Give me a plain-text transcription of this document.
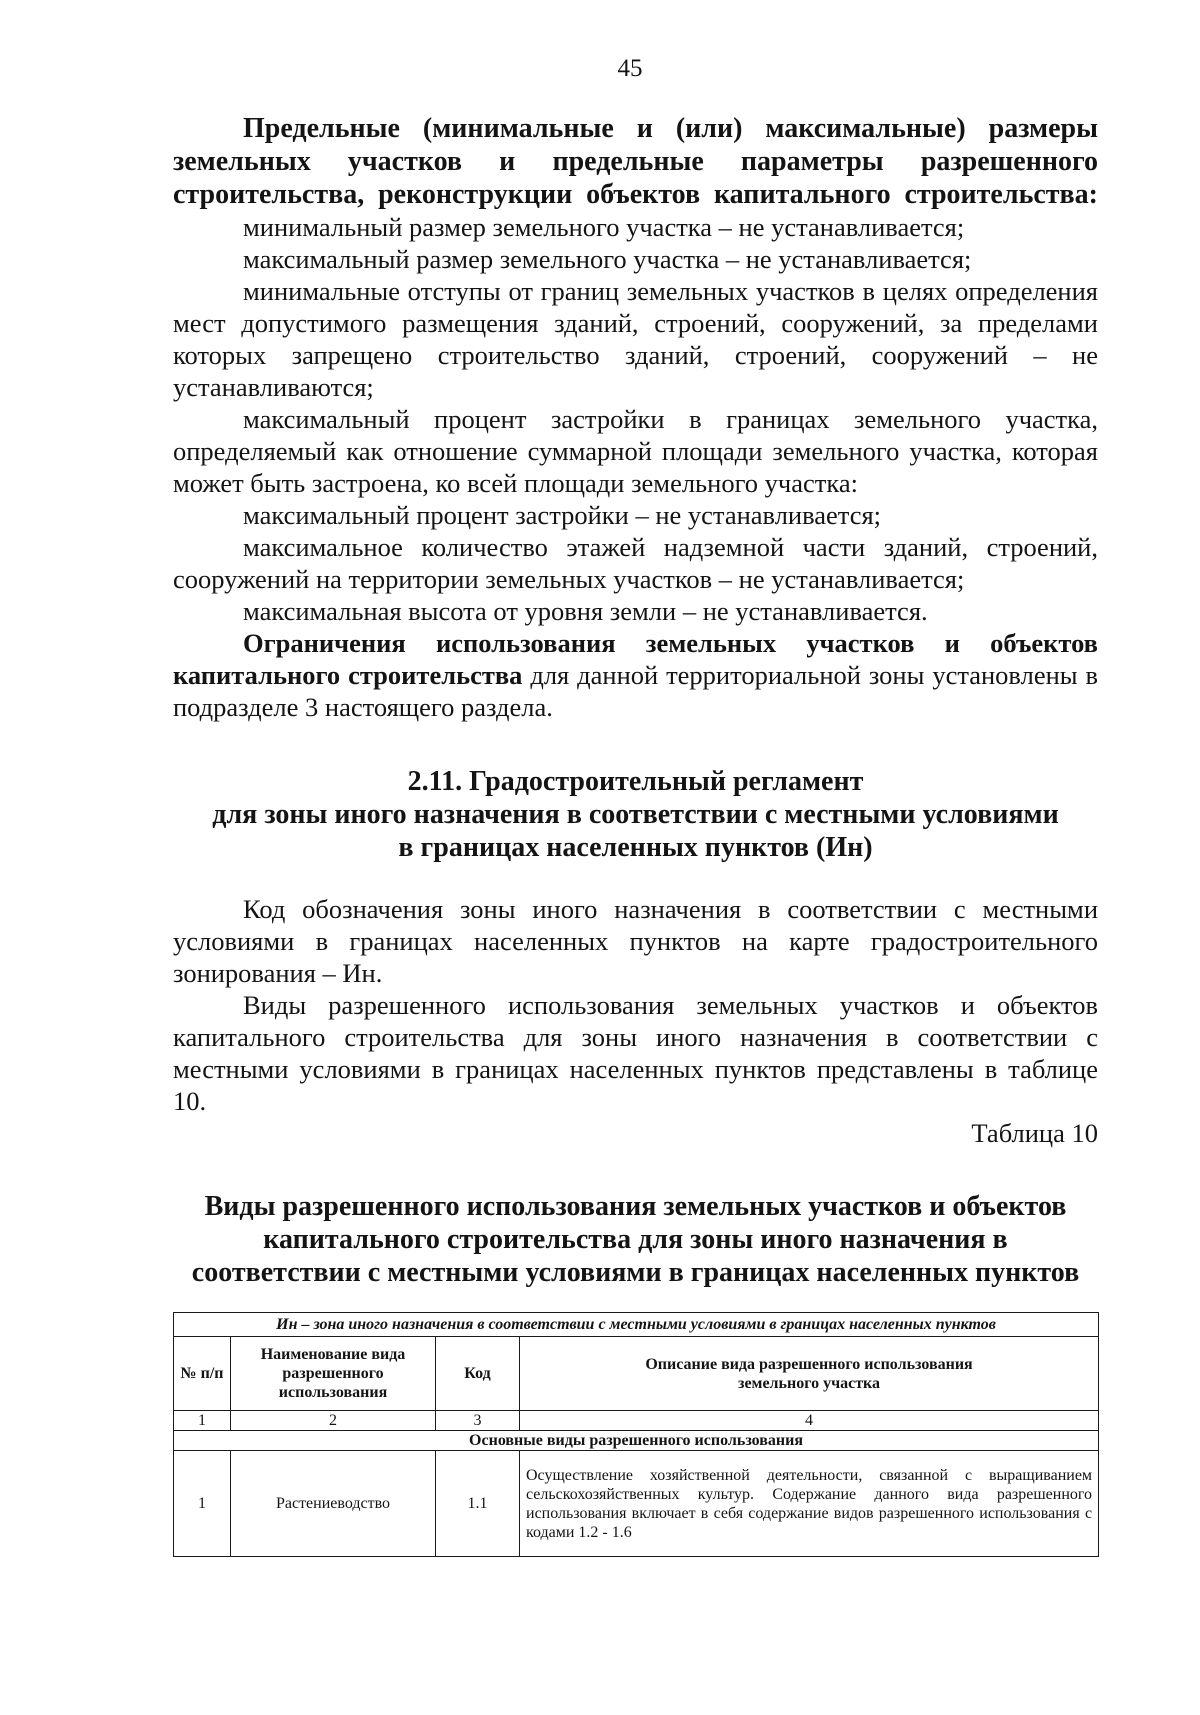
45

Предельные (минимальные и (или) максимальные) размеры

земельных участков и предельные параметры разрешенного

строительства, реконструкции объектов капитального строительства:

минимальный размер земельного участка – не устанавливается;

максимальный размер земельного участка – не устанавливается;

минимальные отступы от границ земельных участков в целях определения мест допустимого размещения зданий, строений, сооружений, за пределами которых запрещено строительство зданий, строений, сооружений – не устанавливаются;

максимальный процент застройки в границах земельного участка, определяемый как отношение суммарной площади земельного участка, которая может быть застроена, ко всей площади земельного участка:

максимальный процент застройки – не устанавливается;

максимальное количество этажей надземной части зданий, строений, сооружений на территории земельных участков – не устанавливается;

максимальная высота от уровня земли – не устанавливается.

Ограничения использования земельных участков и объектов капитального строительства для данной территориальной зоны установлены в подразделе 3 настоящего раздела.

2.11. Градостроительный регламент

для зоны иного назначения в соответствии с местными условиями

в границах населенных пунктов (Ин)

Код обозначения зоны иного назначения в соответствии с местными условиями в границах населенных пунктов на карте градостроительного зонирования – Ин.

Виды разрешенного использования земельных участков и объектов капитального строительства для зоны иного назначения в соответствии с местными условиями в границах населенных пунктов представлены в таблице 10.

Таблица 10

Виды разрешенного использования земельных участков и объектов

капитального строительства для зоны иного назначения в

соответствии с местными условиями в границах населенных пунктов

Ин – зона иного назначения в соответствии с местными условиями в границах населенных пунктов			
№ п/п	Наименование вида разрешенного использования	Код	Описание вида разрешенного использования земельного участка
1	2	3	4
Основные виды разрешенного использования			
1	Растениеводство	1.1	Осуществление хозяйственной деятельности, связанной с выращиванием сельскохозяйственных культур. Содержание данного вида разрешенного использования включает в себя содержание видов разрешенного использования с кодами 1.2 - 1.6
